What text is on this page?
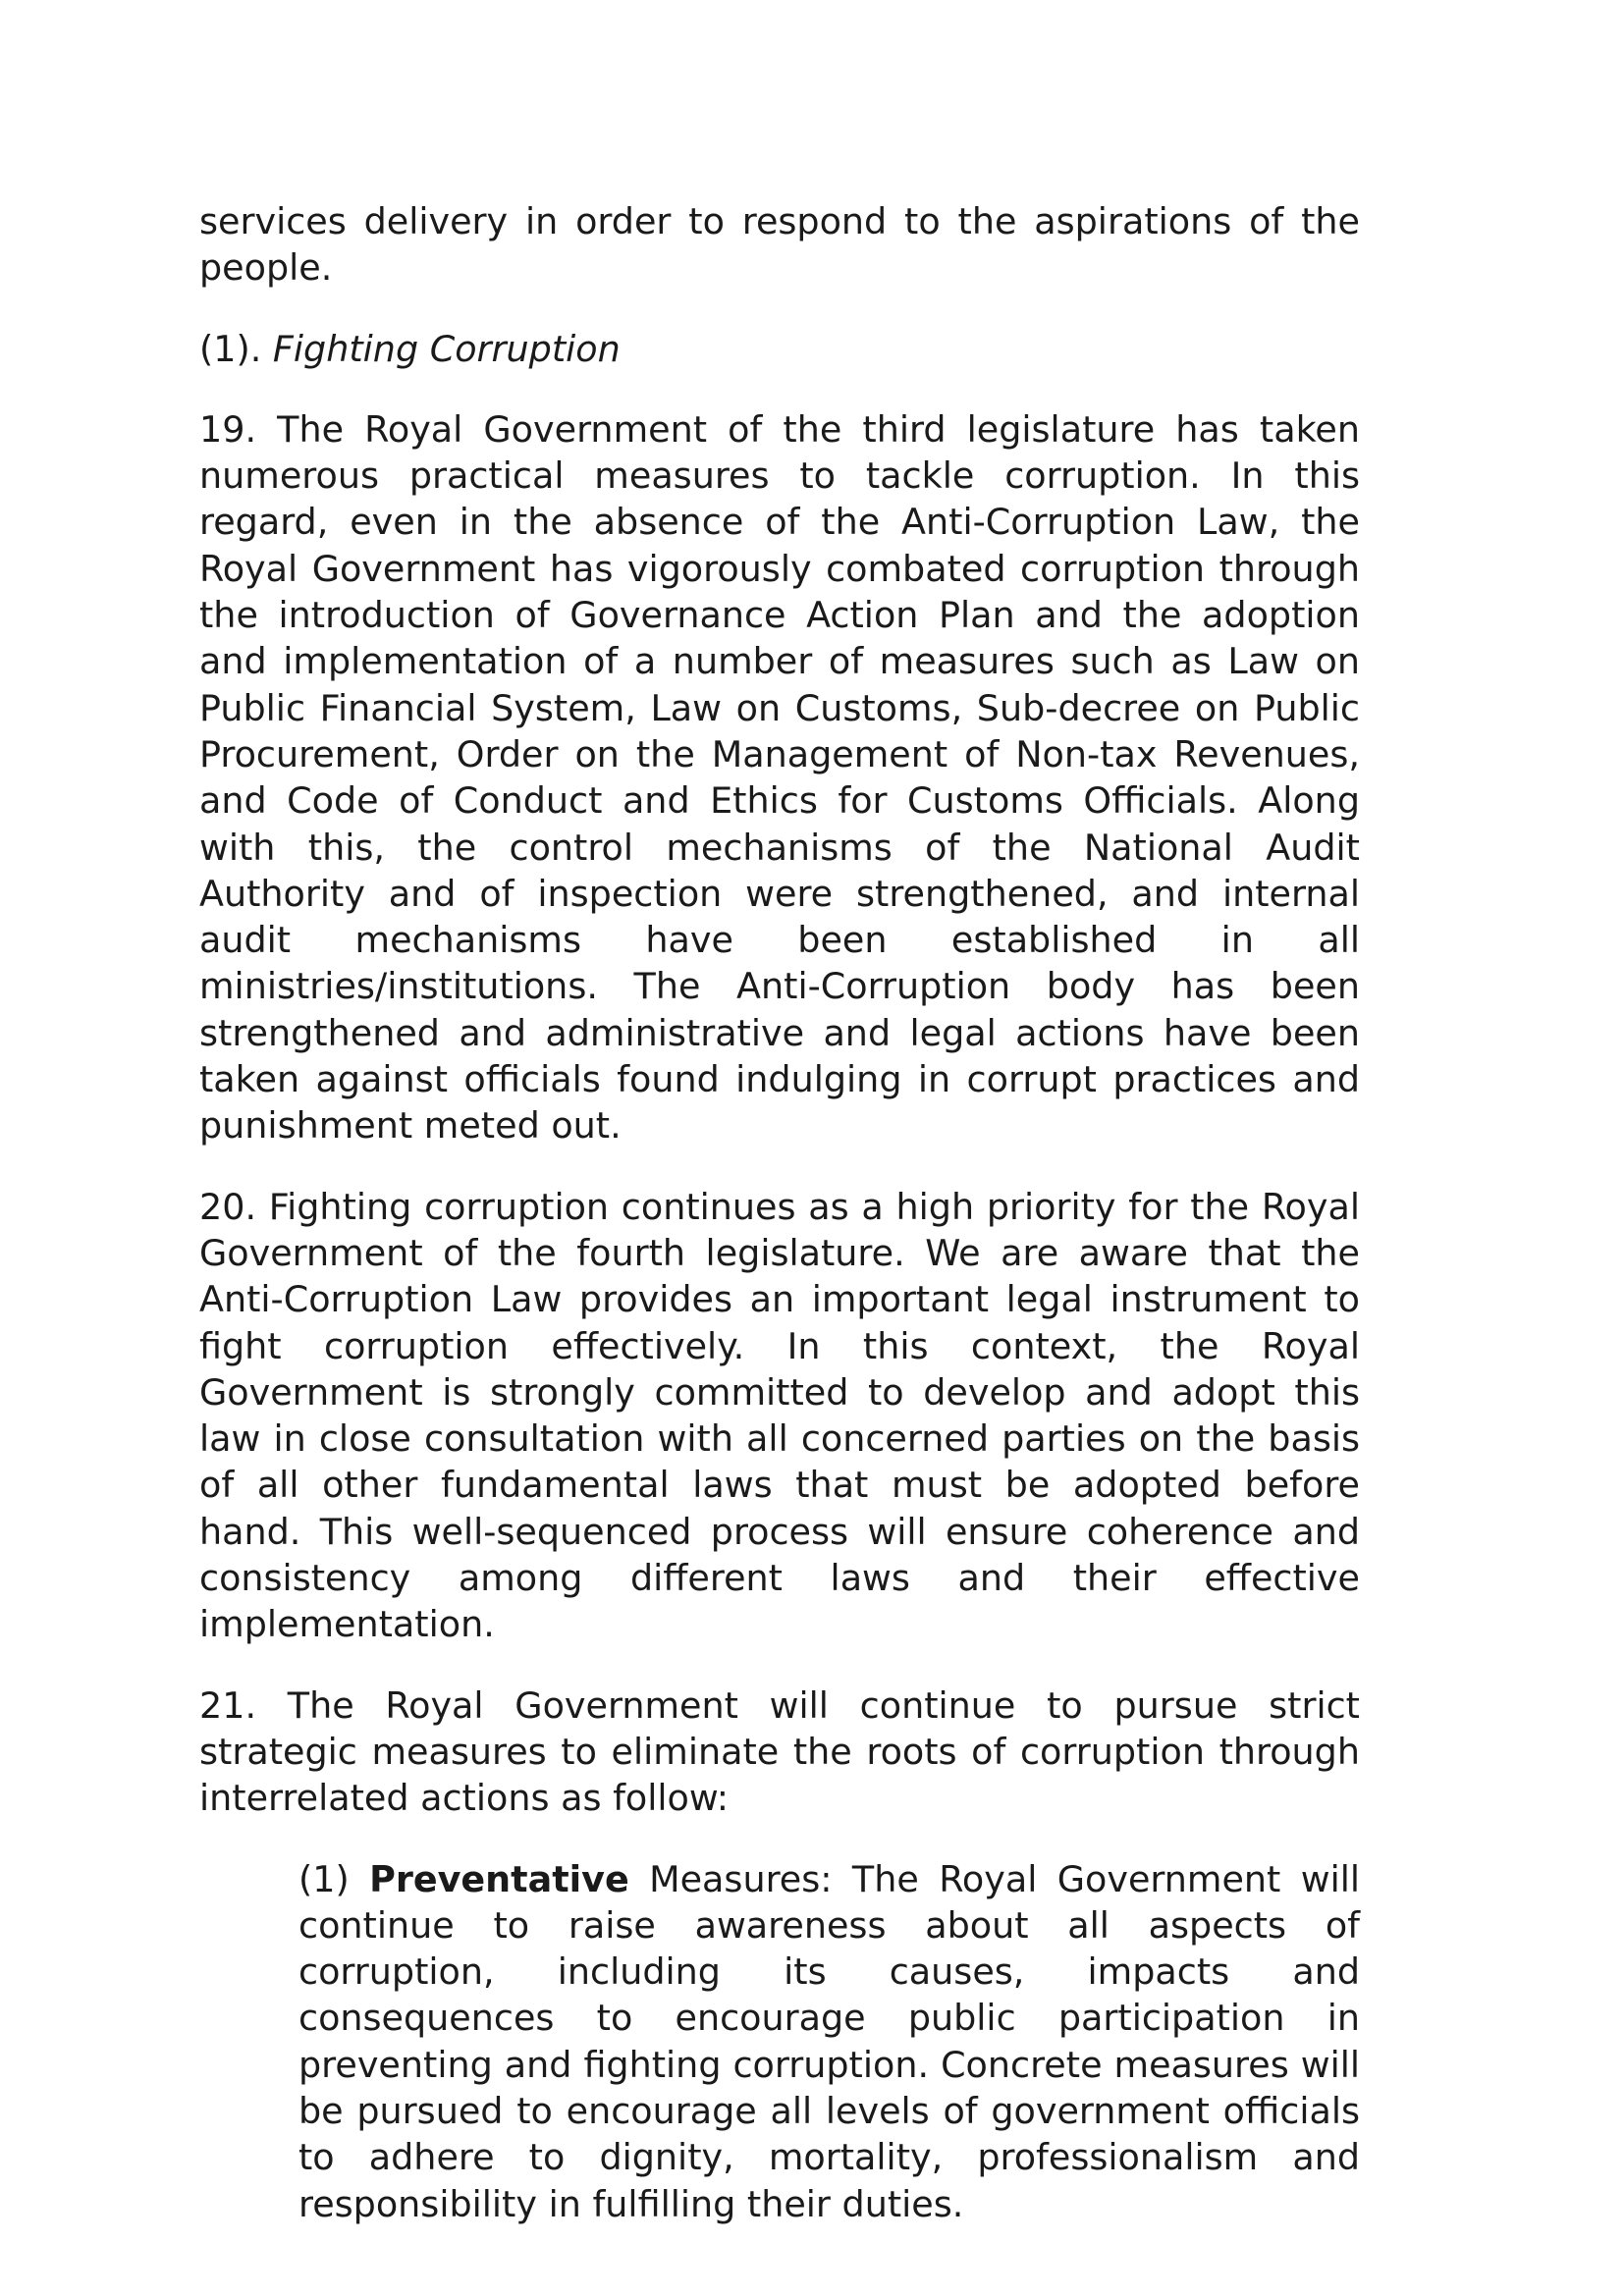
services delivery in order to respond to the aspirations of the people.

(1). Fighting Corruption

19. The Royal Government of the third legislature has taken numerous practical measures to tackle corruption. In this regard, even in the absence of the Anti-Corruption Law, the Royal Government has vigorously combated corruption through the introduction of Governance Action Plan and the adoption and implementation of a number of measures such as Law on Public Financial System, Law on Customs, Sub-decree on Public Procurement, Order on the Management of Non-tax Revenues, and Code of Conduct and Ethics for Customs Officials. Along with this, the control mechanisms of the National Audit Authority and of inspection were strengthened, and internal audit mechanisms have been established in all ministries/institutions. The Anti-Corruption body has been strengthened and administrative and legal actions have been taken against officials found indulging in corrupt practices and punishment meted out.

20. Fighting corruption continues as a high priority for the Royal Government of the fourth legislature. We are aware that the Anti-Corruption Law provides an important legal instrument to fight corruption effectively. In this context, the Royal Government is strongly committed to develop and adopt this law in close consultation with all concerned parties on the basis of all other fundamental laws that must be adopted before hand. This well-sequenced process will ensure coherence and consistency among different laws and their effective implementation.

21. The Royal Government will continue to pursue strict strategic measures to eliminate the roots of corruption through interrelated actions as follow:

(1) Preventative Measures: The Royal Government will continue to raise awareness about all aspects of corruption, including its causes, impacts and consequences to encourage public participation in preventing and fighting corruption. Concrete measures will be pursued to encourage all levels of government officials to adhere to dignity, mortality, professionalism and responsibility in fulfilling their duties.
